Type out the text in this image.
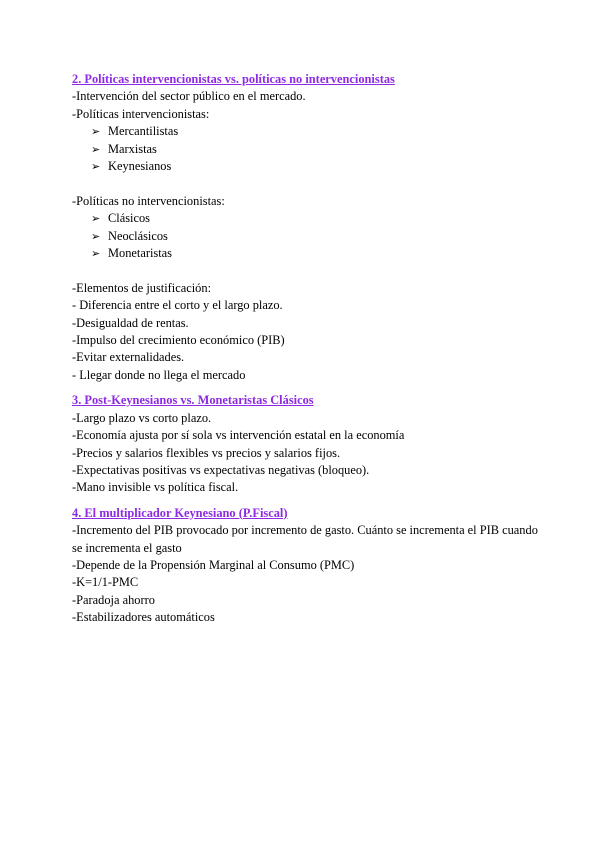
2. Políticas intervencionistas vs. políticas no intervencionistas

-Intervención del sector público en el mercado.

-Políticas intervencionistas:

➢ Mercantilistas

➢ Marxistas

➢ Keynesianos

-Políticas no intervencionistas:

➢ Clásicos

➢ Neoclásicos

➢ Monetaristas

-Elementos de justificación:

- Diferencia entre el corto y el largo plazo.

-Desigualdad de rentas.

-Impulso del crecimiento económico (PIB)

-Evitar externalidades.

- Llegar donde no llega el mercado

3. Post-Keynesianos vs. Monetaristas Clásicos

-Largo plazo vs corto plazo.

-Economía ajusta por sí sola vs intervención estatal en la economía

-Precios y salarios flexibles vs precios y salarios fijos.

-Expectativas positivas vs expectativas negativas (bloqueo).

-Mano invisible vs política fiscal.

4. El multiplicador Keynesiano (P.Fiscal)

-Incremento del PIB provocado por incremento de gasto. Cuánto se incrementa el PIB cuando se incrementa el gasto

-Depende de la Propensión Marginal al Consumo (PMC)

-K=1/1-PMC

-Paradoja ahorro

-Estabilizadores automáticos
